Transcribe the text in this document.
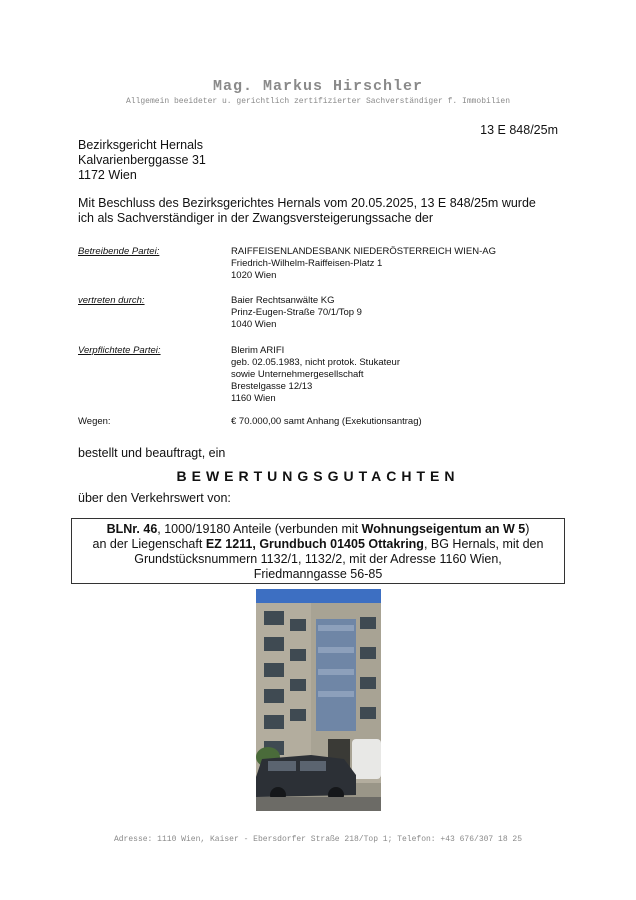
Mag. Markus Hirschler
Allgemein beeideter u. gerichtlich zertifizierter Sachverständiger f. Immobilien
13 E 848/25m
Bezirksgericht Hernals
Kalvarienberggasse 31
1172 Wien
Mit Beschluss des Bezirksgerichtes Hernals vom 20.05.2025, 13 E 848/25m wurde
ich als Sachverständiger in der Zwangsversteigerungssache der
Betreibende Partei:	RAIFFEISENLANDESBANK NIEDERÖSTERREICH WIEN-AG
Friedrich-Wilhelm-Raiffeisen-Platz 1
1020 Wien
vertreten durch:	Baier Rechtsanwälte KG
Prinz-Eugen-Straße 70/1/Top 9
1040 Wien
Verpflichtete Partei:	Blerim ARIFI
geb. 02.05.1983, nicht protok. Stukateur
sowie Unternehmergesellschaft
Brestelgasse 12/13
1160 Wien
Wegen:	€ 70.000,00 samt Anhang (Exekutionsantrag)
bestellt und beauftragt, ein
BEWERTUNGSGUTACHTEN
über den Verkehrswert von:
BLNr. 46, 1000/19180 Anteile (verbunden mit Wohnungseigentum an W 5)
an der Liegenschaft EZ 1211, Grundbuch 01405 Ottakring, BG Hernals, mit den
Grundstücksnummern 1132/1, 1132/2, mit der Adresse 1160 Wien,
Friedmanngasse 56-85
Adresse: 1110 Wien, Kaiser - Ebersdorfer Straße 218/Top 1; Telefon: +43 676/307 18 25
